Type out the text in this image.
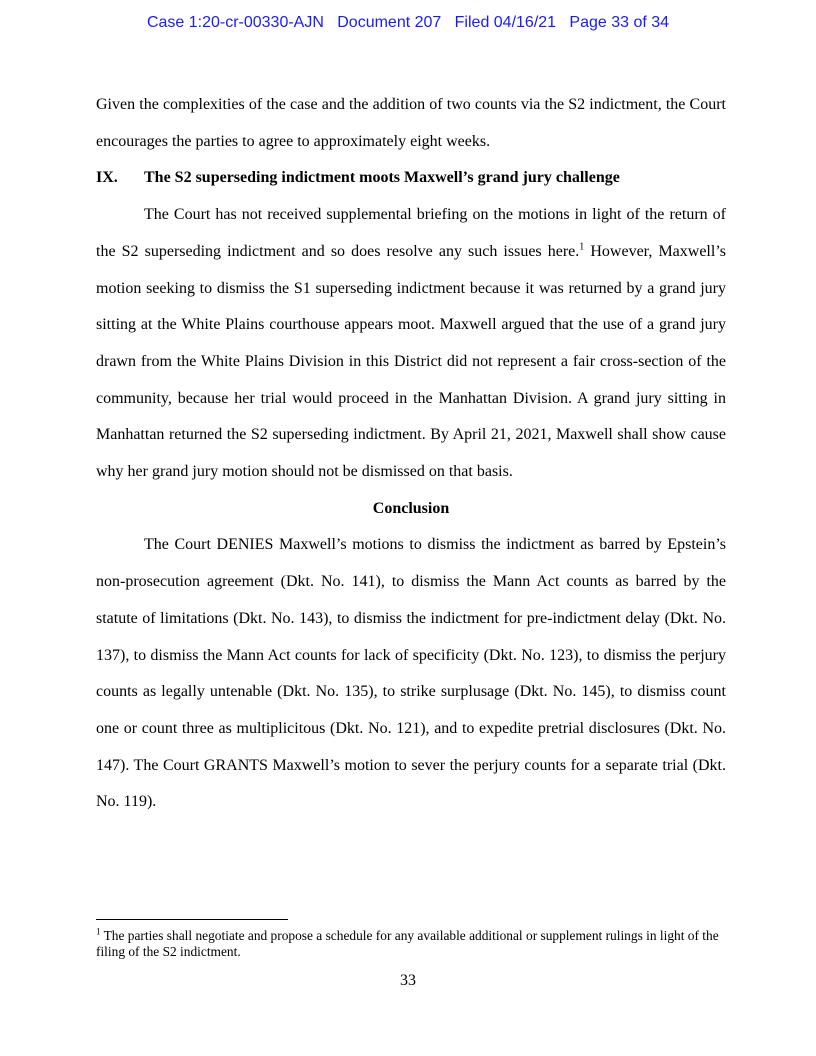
Case 1:20-cr-00330-AJN Document 207 Filed 04/16/21 Page 33 of 34

Given the complexities of the case and the addition of two counts via the S2 indictment, the Court encourages the parties to agree to approximately eight weeks.

IX.	The S2 superseding indictment moots Maxwell’s grand jury challenge

The Court has not received supplemental briefing on the motions in light of the return of the S2 superseding indictment and so does resolve any such issues here.$^1$ However, Maxwell’s motion seeking to dismiss the S1 superseding indictment because it was returned by a grand jury sitting at the White Plains courthouse appears moot. Maxwell argued that the use of a grand jury drawn from the White Plains Division in this District did not represent a fair cross-section of the community, because her trial would proceed in the Manhattan Division. A grand jury sitting in Manhattan returned the S2 superseding indictment. By April 21, 2021, Maxwell shall show cause why her grand jury motion should not be dismissed on that basis.

Conclusion

The Court DENIES Maxwell’s motions to dismiss the indictment as barred by Epstein’s non-prosecution agreement (Dkt. No. 141), to dismiss the Mann Act counts as barred by the statute of limitations (Dkt. No. 143), to dismiss the indictment for pre-indictment delay (Dkt. No. 137), to dismiss the Mann Act counts for lack of specificity (Dkt. No. 123), to dismiss the perjury counts as legally untenable (Dkt. No. 135), to strike surplusage (Dkt. No. 145), to dismiss count one or count three as multiplicitous (Dkt. No. 121), and to expedite pretrial disclosures (Dkt. No. 147). The Court GRANTS Maxwell’s motion to sever the perjury counts for a separate trial (Dkt. No. 119).

$^1$ The parties shall negotiate and propose a schedule for any available additional or supplement rulings in light of the filing of the S2 indictment.
33
